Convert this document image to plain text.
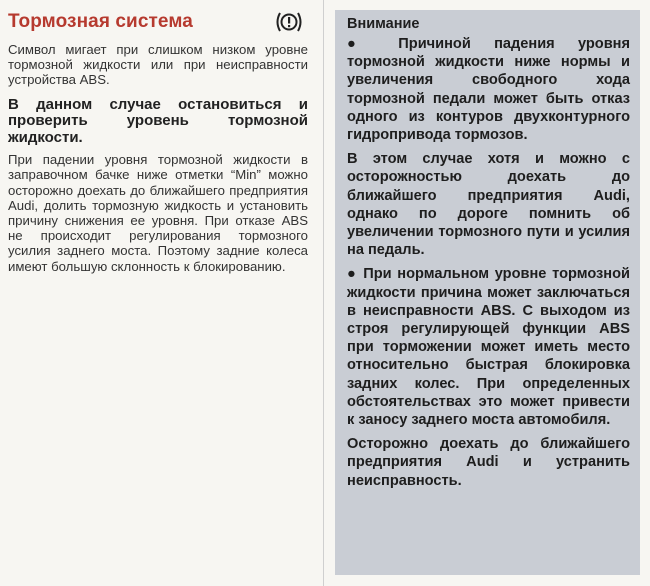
Тормозная система

Символ мигает при слишком низком уровне тормозной жидкости или при неисправности устройства ABS.

В данном случае остановиться и проверить уровень тормозной жидкости.

При падении уровня тормозной жидкости в заправочном бачке ниже отметки “Min” можно осторожно доехать до ближайшего предприятия Audi, долить тормозную жидкость и установить причину снижения ее уровня. При отказе ABS не происходит регулирования тормозного усилия заднего моста. Поэтому задние колеса имеют большую склонность к блокированию.

Внимание

● Причиной падения уровня тормозной жидкости ниже нормы и увеличения свободного хода тормозной педали может быть отказ одного из контуров двухконтурного гидропривода тормозов.

В этом случае хотя и можно с осторожностью доехать до ближайшего предприятия Audi, однако по дороге помнить об увеличении тормозного пути и усилия на педаль.

● При нормальном уровне тормозной жидкости причина может заключаться в неисправности ABS. С выходом из строя регулирующей функции ABS при торможении может иметь место относительно быстрая блокировка задних колес. При определенных обстоятельствах это может привести к заносу заднего моста автомобиля.

Осторожно доехать до ближайшего предприятия Audi и устранить неисправность.
